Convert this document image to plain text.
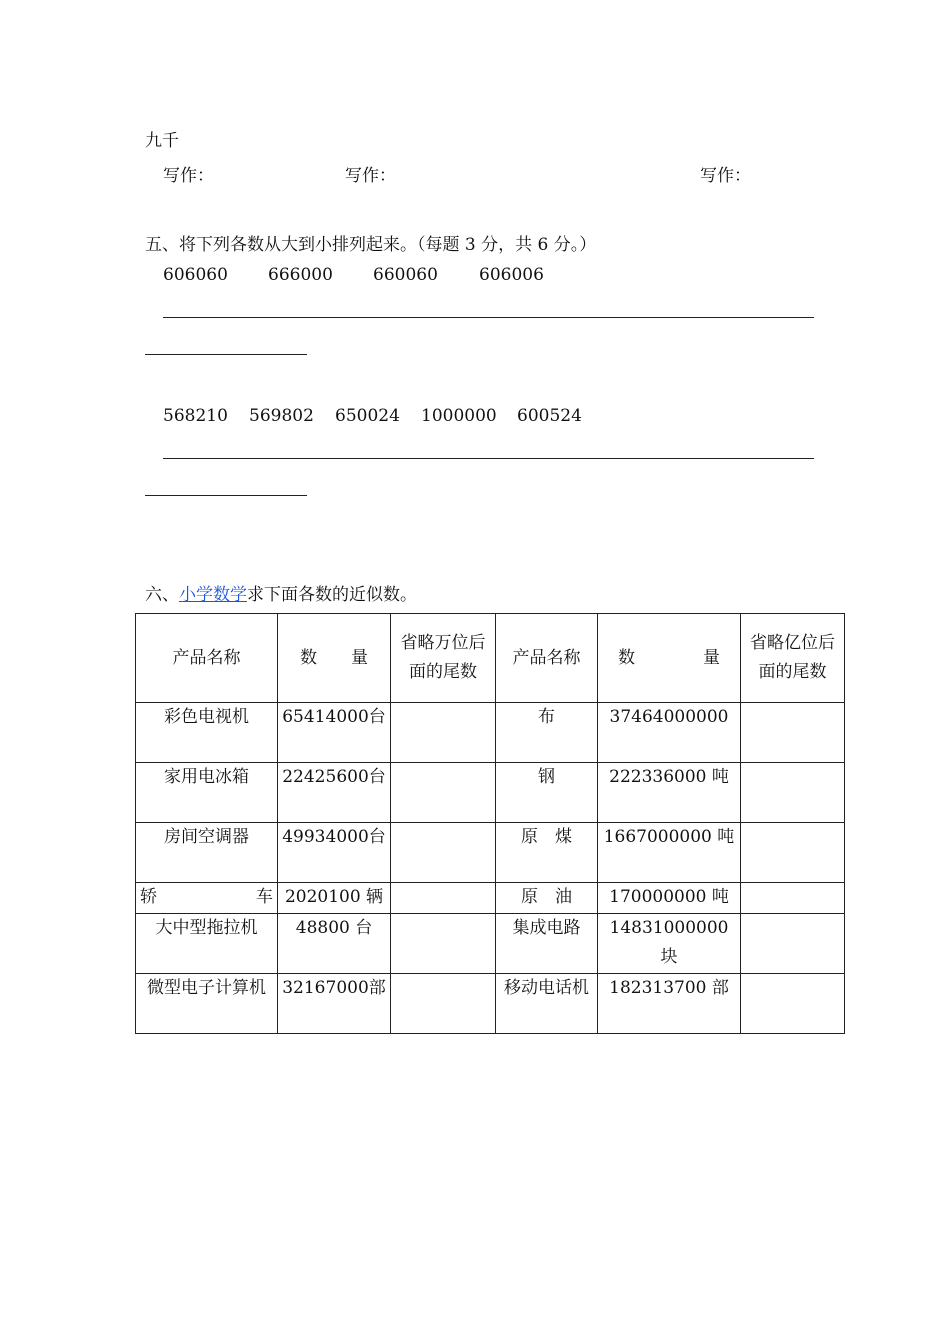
九千
写作：	写作：	写作：
五、将下列各数从大到小排列起来。（每题 3 分，共 6 分。）
606060 666000 660060 606006
568210 569802 650024 1000000 600524
六、小学数学求下面各数的近似数。
产品名称	数　　量	省略万位后面的尾数	产品名称	数　　　　量	省略亿位后面的尾数
彩色电视机	65414000台		布	37464000000	
家用电冰箱	22425600台		钢	222336000 吨	
房间空调器	49934000台		原　煤	1667000000 吨	
轿　　车	2020100 辆		原　油	170000000 吨	
大中型拖拉机	48800 台		集成电路	14831000000块	
微型电子计算机	32167000部		移动电话机	182313700 部	
